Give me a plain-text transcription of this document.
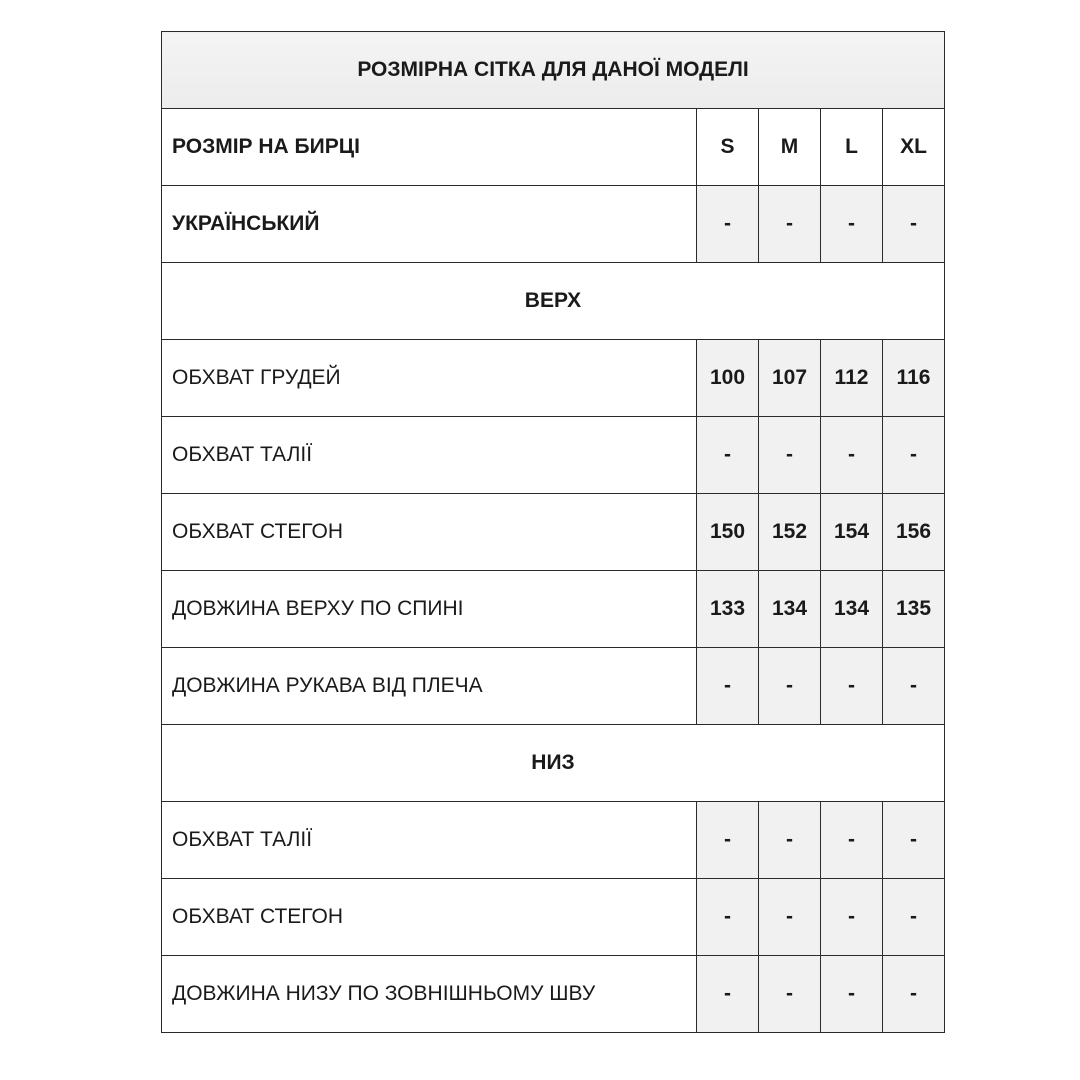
РОЗМІРНА СІТКА ДЛЯ ДАНОЇ МОДЕЛІ				
РОЗМІР НА БИРЦІ	S	M	L	XL
УКРАЇНСЬКИЙ	-	-	-	-
ВЕРХ				
ОБХВАТ ГРУДЕЙ	100	107	112	116
ОБХВАТ ТАЛІЇ	-	-	-	-
ОБХВАТ СТЕГОН	150	152	154	156
ДОВЖИНА ВЕРХУ ПО СПИНІ	133	134	134	135
ДОВЖИНА РУКАВА ВІД ПЛЕЧА	-	-	-	-
НИЗ				
ОБХВАТ ТАЛІЇ	-	-	-	-
ОБХВАТ СТЕГОН	-	-	-	-
ДОВЖИНА НИЗУ ПО ЗОВНІШНЬОМУ ШВУ	-	-	-	-
